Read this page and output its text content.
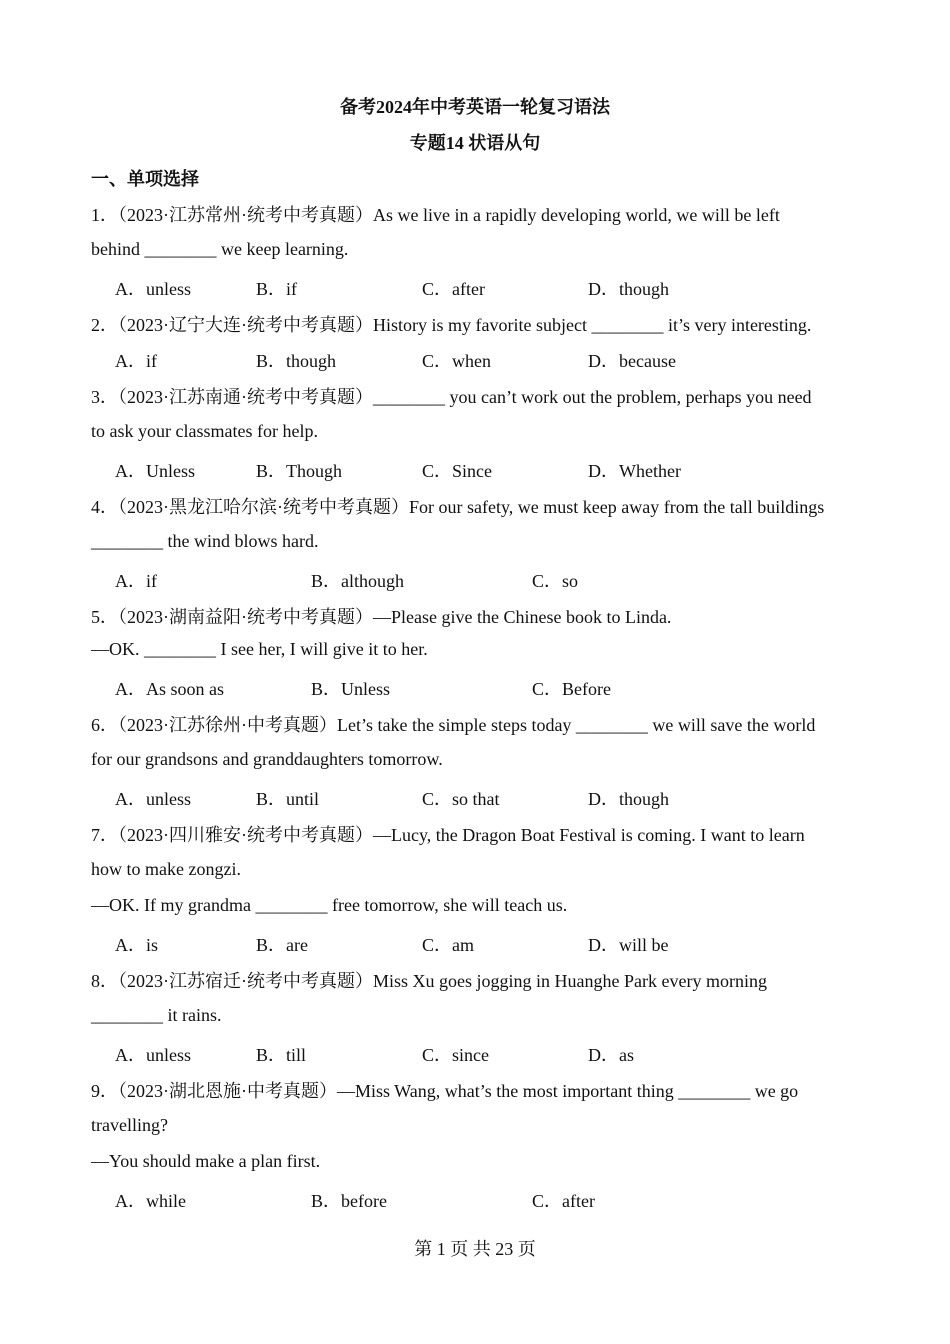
备考2024年中考英语一轮复习语法
专题14 状语从句
一、单项选择
1．（2023·江苏常州·统考中考真题）As we live in a rapidly developing world, we will be left
behind ________ we keep learning.
A．unless	B．if	C．after	D．though
2．（2023·辽宁大连·统考中考真题）History is my favorite subject ________ it’s very interesting.
A．if	B．though	C．when	D．because
3．（2023·江苏南通·统考中考真题）________ you can’t work out the problem, perhaps you need
to ask your classmates for help.
A．Unless	B．Though	C．Since	D．Whether
4．（2023·黑龙江哈尔滨·统考中考真题）For our safety, we must keep away from the tall buildings
________ the wind blows hard.
A．if	B．although	C．so
5．（2023·湖南益阳·统考中考真题）—Please give the Chinese book to Linda.
—OK. ________ I see her, I will give it to her.
A．As soon as	B．Unless	C．Before
6．（2023·江苏徐州·中考真题）Let’s take the simple steps today ________ we will save the world
for our grandsons and granddaughters tomorrow.
A．unless	B．until	C．so that	D．though
7．（2023·四川雅安·统考中考真题）—Lucy, the Dragon Boat Festival is coming. I want to learn
how to make zongzi.
—OK. If my grandma ________ free tomorrow, she will teach us.
A．is	B．are	C．am	D．will be
8．（2023·江苏宿迁·统考中考真题）Miss Xu goes jogging in Huanghe Park every morning
________ it rains.
A．unless	B．till	C．since	D．as
9．（2023·湖北恩施·中考真题）—Miss Wang, what’s the most important thing ________ we go
travelling?
—You should make a plan first.
A．while	B．before	C．after
第 1 页 共 23 页
